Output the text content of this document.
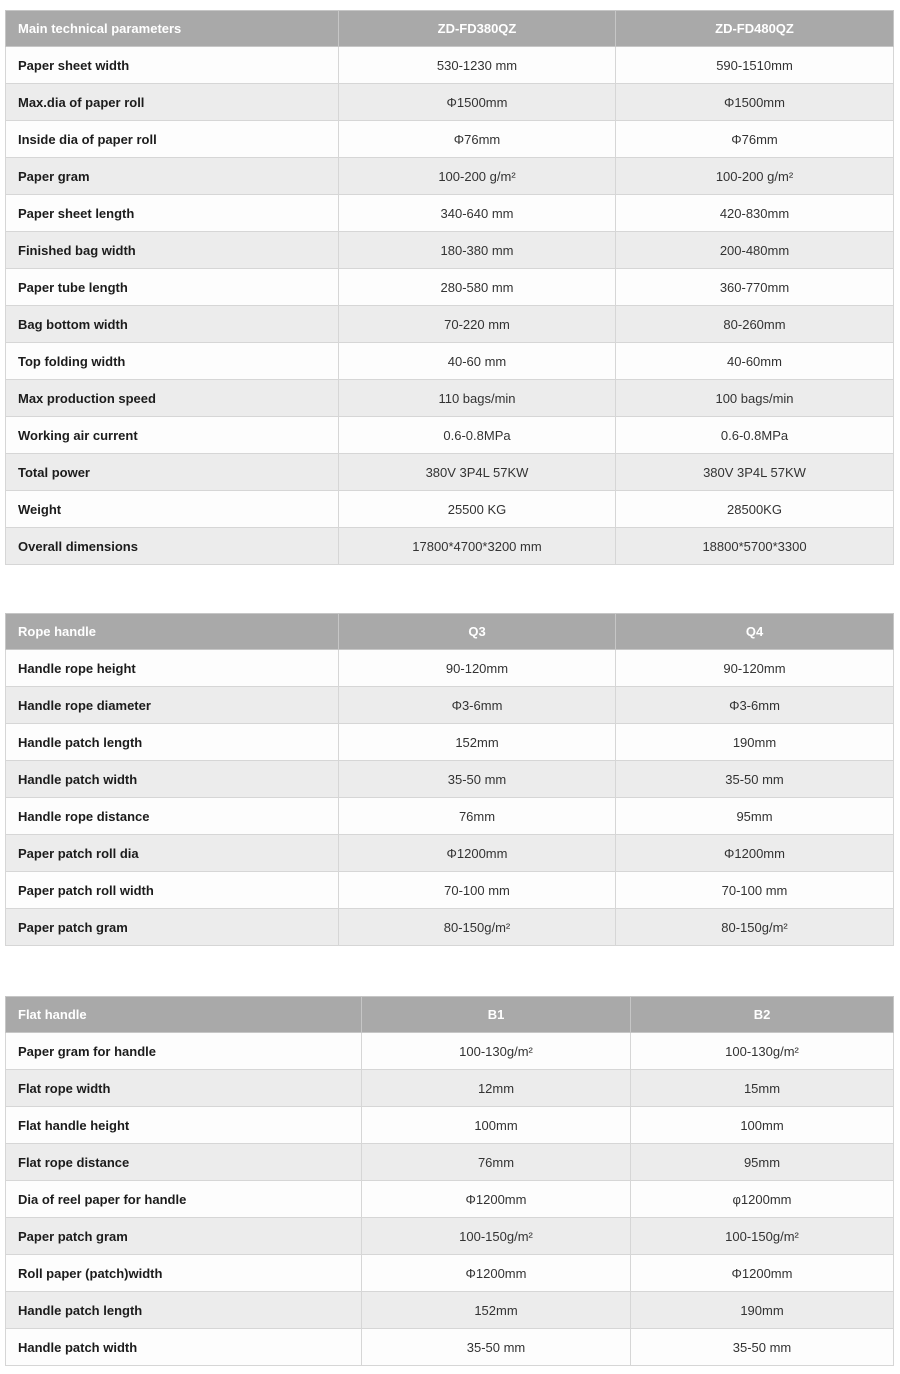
Main technical parameters	ZD-FD380QZ	ZD-FD480QZ
Paper sheet width	530-1230 mm	590-1510mm
Max.dia of paper roll	Φ1500mm	Φ1500mm
Inside dia of paper roll	Φ76mm	Φ76mm
Paper gram	100-200 g/m²	100-200 g/m²
Paper sheet length	340-640 mm	420-830mm
Finished bag width	180-380 mm	200-480mm
Paper tube length	280-580 mm	360-770mm
Bag bottom width	70-220 mm	80-260mm
Top folding width	40-60 mm	40-60mm
Max production speed	110 bags/min	100 bags/min
Working air current	0.6-0.8MPa	0.6-0.8MPa
Total power	380V 3P4L 57KW	380V 3P4L 57KW
Weight	25500 KG	28500KG
Overall dimensions	17800*4700*3200 mm	18800*5700*3300
Rope handle	Q3	Q4
Handle rope height	90-120mm	90-120mm
Handle rope diameter	Φ3-6mm	Φ3-6mm
Handle patch length	152mm	190mm
Handle patch width	35-50 mm	35-50 mm
Handle rope distance	76mm	95mm
Paper patch roll dia	Φ1200mm	Φ1200mm
Paper patch roll width	70-100 mm	70-100 mm
Paper patch gram	80-150g/m²	80-150g/m²
Flat handle	B1	B2
Paper gram for handle	100-130g/m²	100-130g/m²
Flat rope width	12mm	15mm
Flat handle height	100mm	100mm
Flat rope distance	76mm	95mm
Dia of reel paper for handle	Φ1200mm	φ1200mm
Paper patch gram	100-150g/m²	100-150g/m²
Roll paper (patch)width	Φ1200mm	Φ1200mm
Handle patch length	152mm	190mm
Handle patch width	35-50 mm	35-50 mm
